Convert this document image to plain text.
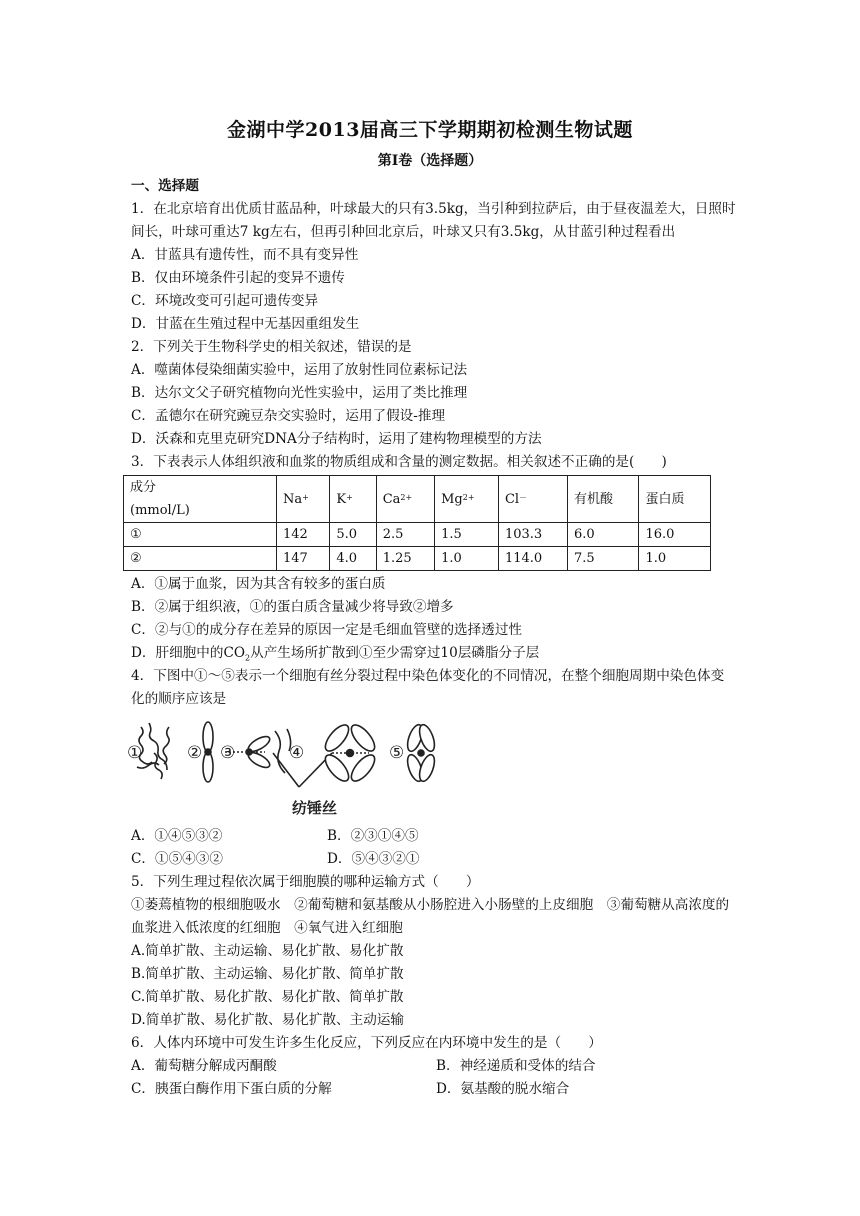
金湖中学2013届高三下学期期初检测生物试题
第Ⅰ卷（选择题）
一、选择题
1．在北京培育出优质甘蓝品种，叶球最大的只有3.5kg，当引种到拉萨后，由于昼夜温差大，日照时间长，叶球可重达7 kg左右，但再引种回北京后，叶球又只有3.5kg，从甘蓝引种过程看出
A．甘蓝具有遗传性，而不具有变异性
B．仅由环境条件引起的变异不遗传
C．环境改变可引起可遗传变异
D．甘蓝在生殖过程中无基因重组发生
2．下列关于生物科学史的相关叙述，错误的是
A．噬菌体侵染细菌实验中，运用了放射性同位素标记法
B．达尔文父子研究植物向光性实验中，运用了类比推理
C．孟德尔在研究豌豆杂交实验时，运用了假设-推理
D．沃森和克里克研究DNA分子结构时，运用了建构物理模型的方法
3．下表表示人体组织液和血浆的物质组成和含量的测定数据。相关叙述不正确的是(　　)
成分
(mmol/L)	Na+	K+	$Ca^{2+}$	$Mg^{2+}$	Cl－	有机酸	蛋白质
①	142	5.0	2.5	1.5	103.3	6.0	16.0
②	147	4.0	1.25	1.0	114.0	7.5	1.0
A．①属于血浆，因为其含有较多的蛋白质
B．②属于组织液，①的蛋白质含量减少将导致②增多
C．②与①的成分存在差异的原因一定是毛细血管壁的选择透过性
D．肝细胞中的$CO_2$从产生场所扩散到①至少需穿过10层磷脂分子层
4．下图中①～⑤表示一个细胞有丝分裂过程中染色体变化的不同情况，在整个细胞周期中染色体变化的顺序应该是
①	② ③	④	⑤
纺锤丝
A．①④⑤③②	B．②③①④⑤
C．①⑤④③②	D．⑤④③②①
5．下列生理过程依次属于细胞膜的哪种运输方式（　　）
①萎蔫植物的根细胞吸水　②葡萄糖和氨基酸从小肠腔进入小肠壁的上皮细胞　③葡萄糖从高浓度的血浆进入低浓度的红细胞　④氧气进入红细胞
A.简单扩散、主动运输、易化扩散、易化扩散
B.简单扩散、主动运输、易化扩散、简单扩散
C.简单扩散、易化扩散、易化扩散、简单扩散
D.简单扩散、易化扩散、易化扩散、主动运输
6．人体内环境中可发生许多生化反应，下列反应在内环境中发生的是（　　）
A．葡萄糖分解成丙酮酸	B．神经递质和受体的结合
C．胰蛋白酶作用下蛋白质的分解	D．氨基酸的脱水缩合
